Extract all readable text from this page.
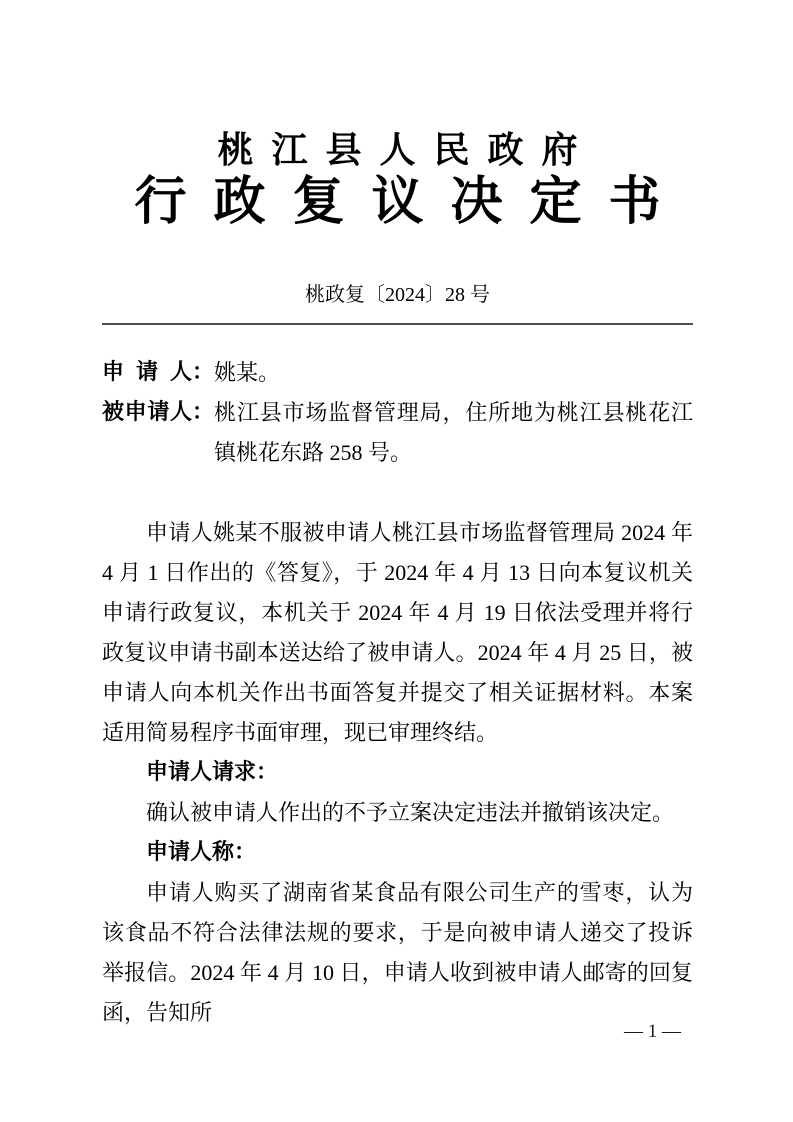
桃江县人民政府
行政复议决定书
桃政复〔2024〕28 号
申请人： 姚某。
被申请人： 桃江县市场监督管理局，住所地为桃江县桃花江镇桃花东路 258 号。

申请人姚某不服被申请人桃江县市场监督管理局 2024 年 4 月 1 日作出的《答复》，于 2024 年 4 月 13 日向本复议机关申请行政复议，本机关于 2024 年 4 月 19 日依法受理并将行政复议申请书副本送达给了被申请人。2024 年 4 月 25 日，被申请人向本机关作出书面答复并提交了相关证据材料。本案适用简易程序书面审理，现已审理终结。

申请人请求：

确认被申请人作出的不予立案决定违法并撤销该决定。

申请人称：

申请人购买了湖南省某食品有限公司生产的雪枣，认为该食品不符合法律法规的要求，于是向被申请人递交了投诉举报信。2024 年 4 月 10 日，申请人收到被申请人邮寄的回复函，告知所

— 1 —
